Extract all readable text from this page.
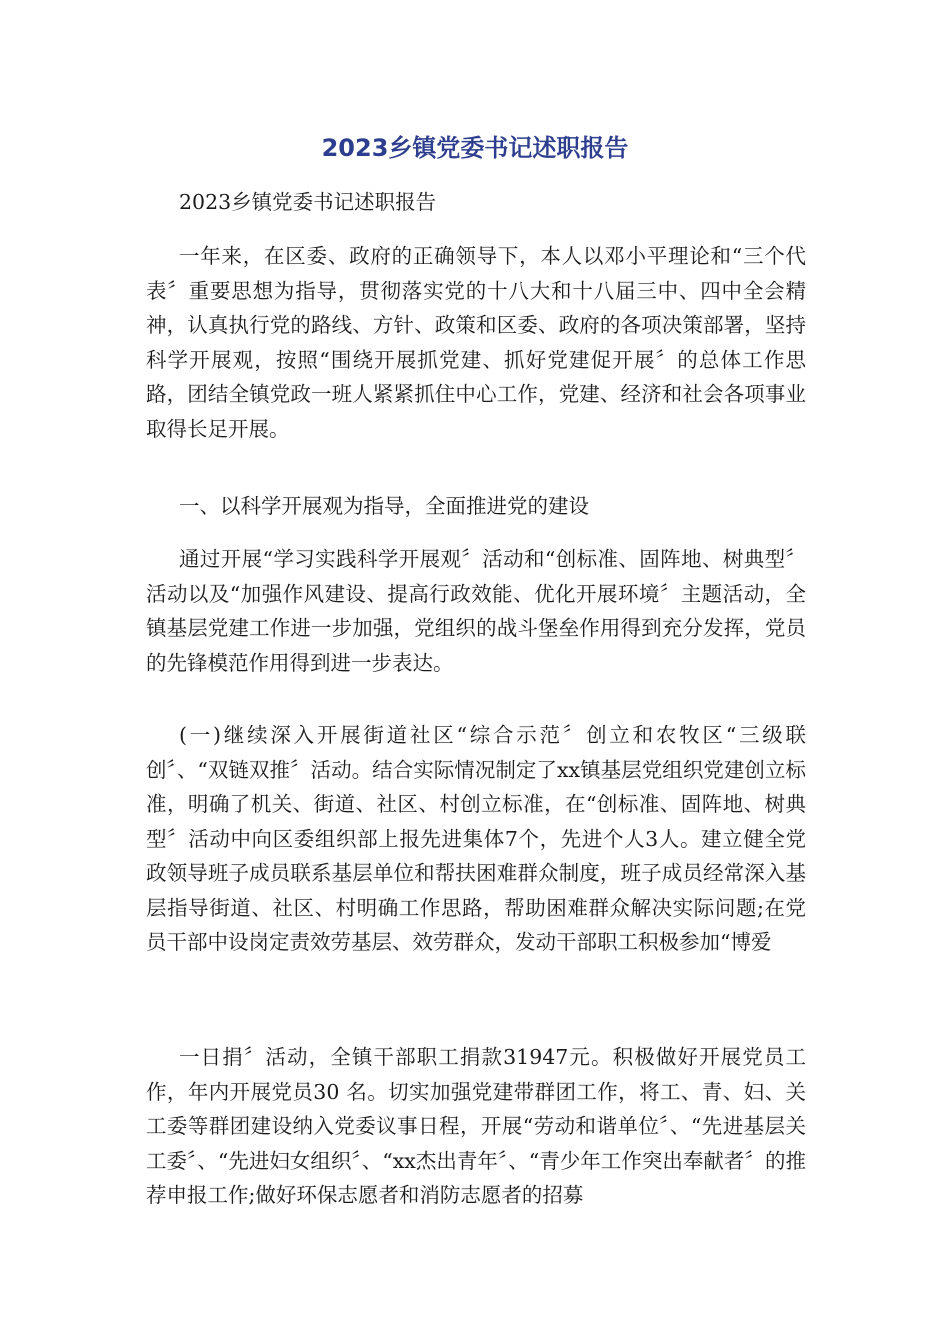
2023乡镇党委书记述职报告

2023乡镇党委书记述职报告

一年来，在区委、政府的正确领导下，本人以邓小平理论和“三个代表〞重要思想为指导，贯彻落实党的十八大和十八届三中、四中全会精神，认真执行党的路线、方针、政策和区委、政府的各项决策部署，坚持科学开展观，按照“围绕开展抓党建、抓好党建促开展〞的总体工作思路，团结全镇党政一班人紧紧抓住中心工作，党建、经济和社会各项事业取得长足开展。

一、以科学开展观为指导，全面推进党的建设

通过开展“学习实践科学开展观〞活动和“创标准、固阵地、树典型〞活动以及“加强作风建设、提高行政效能、优化开展环境〞主题活动，全镇基层党建工作进一步加强，党组织的战斗堡垒作用得到充分发挥，党员的先锋模范作用得到进一步表达。

(一)继续深入开展街道社区“综合示范〞创立和农牧区“三级联创〞、“双链双推〞活动。结合实际情况制定了xx镇基层党组织党建创立标准，明确了机关、街道、社区、村创立标准，在“创标准、固阵地、树典型〞活动中向区委组织部上报先进集体7个，先进个人3人。建立健全党政领导班子成员联系基层单位和帮扶困难群众制度，班子成员经常深入基层指导街道、社区、村明确工作思路，帮助困难群众解决实际问题;在党员干部中设岗定责效劳基层、效劳群众，发动干部职工积极参加“博爱

一日捐〞活动，全镇干部职工捐款31947元。积极做好开展党员工作，年内开展党员30 名。切实加强党建带群团工作，将工、青、妇、关工委等群团建设纳入党委议事日程，开展“劳动和谐单位〞、“先进基层关工委〞、“先进妇女组织〞、“xx杰出青年〞、“青少年工作突出奉献者〞的推荐申报工作;做好环保志愿者和消防志愿者的招募
